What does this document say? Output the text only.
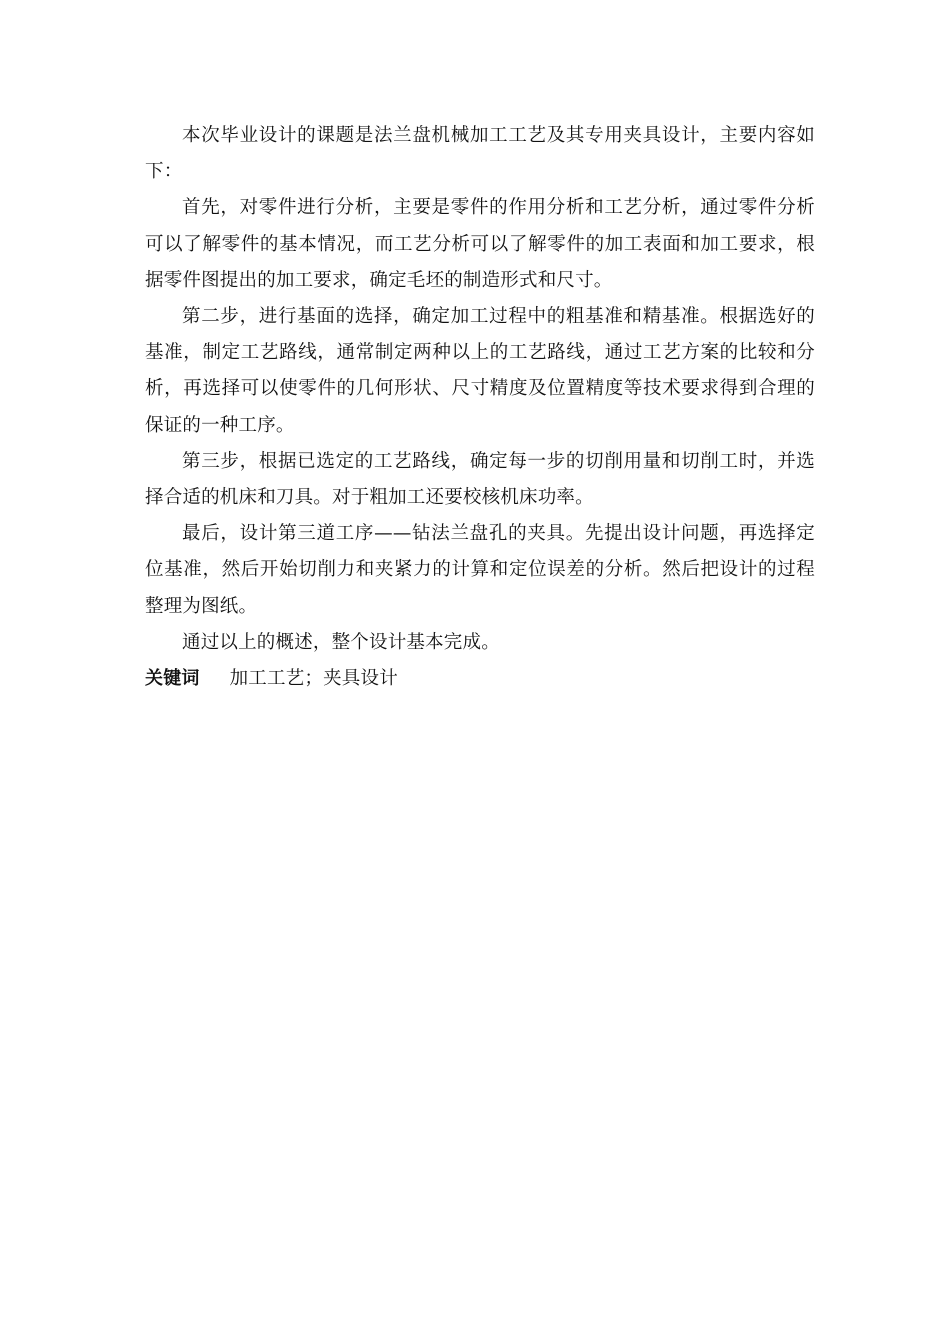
本次毕业设计的课题是法兰盘机械加工工艺及其专用夹具设计，主要内容如下：

首先，对零件进行分析，主要是零件的作用分析和工艺分析，通过零件分析可以了解零件的基本情况，而工艺分析可以了解零件的加工表面和加工要求，根据零件图提出的加工要求，确定毛坯的制造形式和尺寸。

第二步，进行基面的选择，确定加工过程中的粗基准和精基准。根据选好的基准，制定工艺路线，通常制定两种以上的工艺路线，通过工艺方案的比较和分析，再选择可以使零件的几何形状、尺寸精度及位置精度等技术要求得到合理的保证的一种工序。

第三步，根据已选定的工艺路线，确定每一步的切削用量和切削工时，并选择合适的机床和刀具。对于粗加工还要校核机床功率。

最后，设计第三道工序——钻法兰盘孔的夹具。先提出设计问题，再选择定位基准，然后开始切削力和夹紧力的计算和定位误差的分析。然后把设计的过程整理为图纸。

通过以上的概述，整个设计基本完成。

关键词 加工工艺；夹具设计
